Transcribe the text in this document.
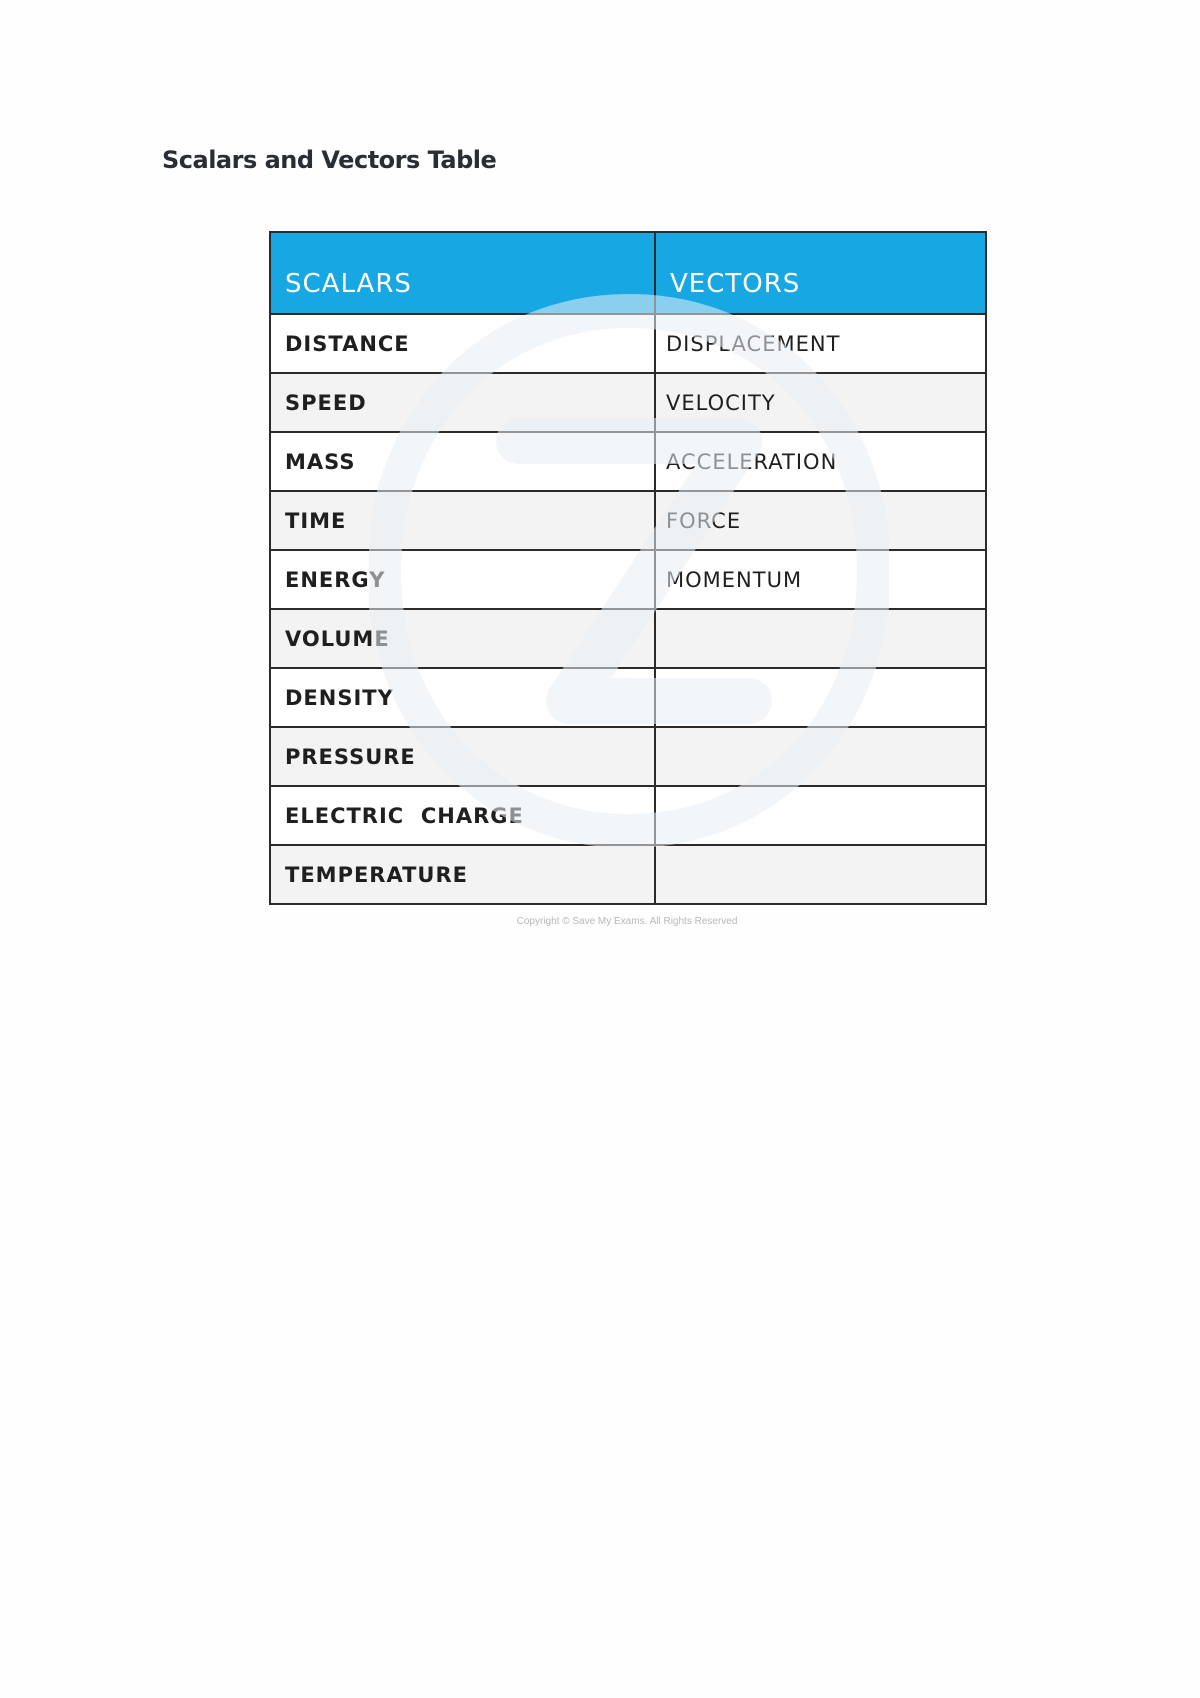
Scalars and Vectors Table
SCALARS	VECTORS
DISTANCE	DISPLACEMENT
SPEED	VELOCITY
MASS	ACCELERATION
TIME	FORCE
ENERGY	MOMENTUM
VOLUME	
DENSITY	
PRESSURE	
ELECTRIC  CHARGE	
TEMPERATURE	
Copyright © Save My Exams. All Rights Reserved
